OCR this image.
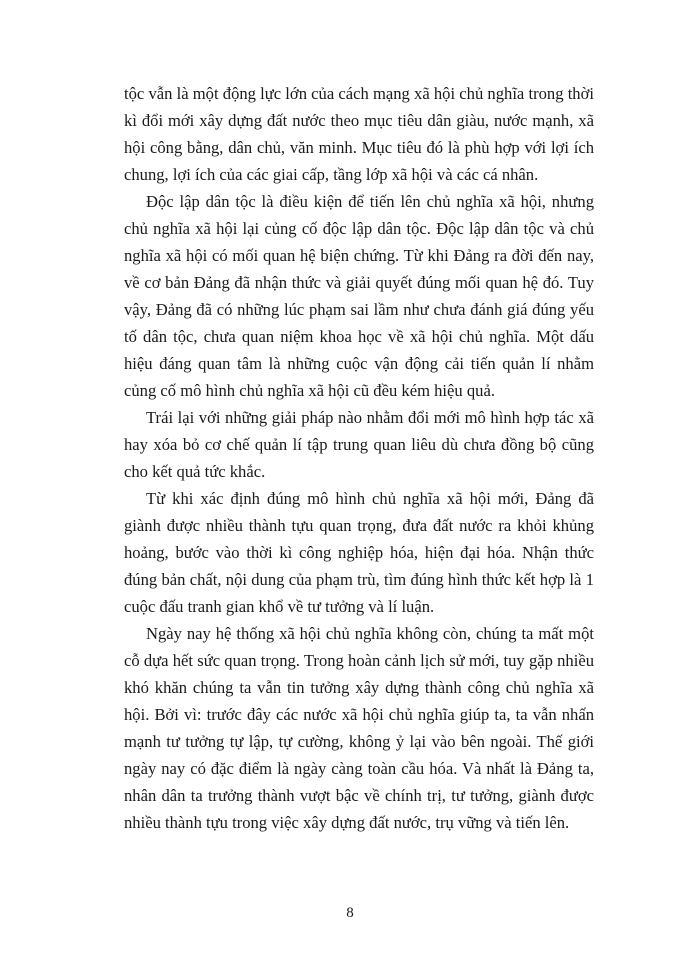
tộc vẫn là một động lực lớn của cách mạng xã hội chủ nghĩa trong thời
kì đổi mới xây dựng đất nước theo mục tiêu dân giàu, nước mạnh, xã
hội công bằng, dân chủ, văn minh. Mục tiêu đó là phù hợp với lợi ích
chung, lợi ích của các giai cấp, tầng lớp xã hội và các cá nhân.
Độc lập dân tộc là điều kiện để tiến lên chủ nghĩa xã hội, nhưng
chủ nghĩa xã hội lại củng cố độc lập dân tộc. Độc lập dân tộc và chủ
nghĩa xã hội có mối quan hệ biện chứng. Từ khi Đảng ra đời đến nay,
về cơ bản Đảng đã nhận thức và giải quyết đúng mối quan hệ đó. Tuy
vậy, Đảng đã có những lúc phạm sai lầm như chưa đánh giá đúng yếu
tố dân tộc, chưa quan niệm khoa học về xã hội chủ nghĩa. Một dấu
hiệu đáng quan tâm là những cuộc vận động cải tiến quản lí nhằm
củng cố mô hình chủ nghĩa xã hội cũ đều kém hiệu quả.
Trái lại với những giải pháp nào nhằm đổi mới mô hình hợp tác xã
hay xóa bỏ cơ chế quản lí tập trung quan liêu dù chưa đồng bộ cũng
cho kết quả tức khắc.
Từ khi xác định đúng mô hình chủ nghĩa xã hội mới, Đảng đã
giành được nhiều thành tựu quan trọng, đưa đất nước ra khỏi khủng
hoảng, bước vào thời kì công nghiệp hóa, hiện đại hóa. Nhận thức
đúng bản chất, nội dung của phạm trù, tìm đúng hình thức kết hợp là 1
cuộc đấu tranh gian khổ về tư tưởng và lí luận.
Ngày nay hệ thống xã hội chủ nghĩa không còn, chúng ta mất một
cỗ dựa hết sức quan trọng. Trong hoàn cảnh lịch sử mới, tuy gặp nhiều
khó khăn chúng ta vẫn tin tưởng xây dựng thành công chủ nghĩa xã
hội. Bởi vì: trước đây các nước xã hội chủ nghĩa giúp ta, ta vẫn nhấn
mạnh tư tưởng tự lập, tự cường, không ỷ lại vào bên ngoài. Thế giới
ngày nay có đặc điểm là ngày càng toàn cầu hóa. Và nhất là Đảng ta,
nhân dân ta trưởng thành vượt bậc về chính trị, tư tưởng, giành được
nhiều thành tựu trong việc xây dựng đất nước, trụ vững và tiến lên.
8
